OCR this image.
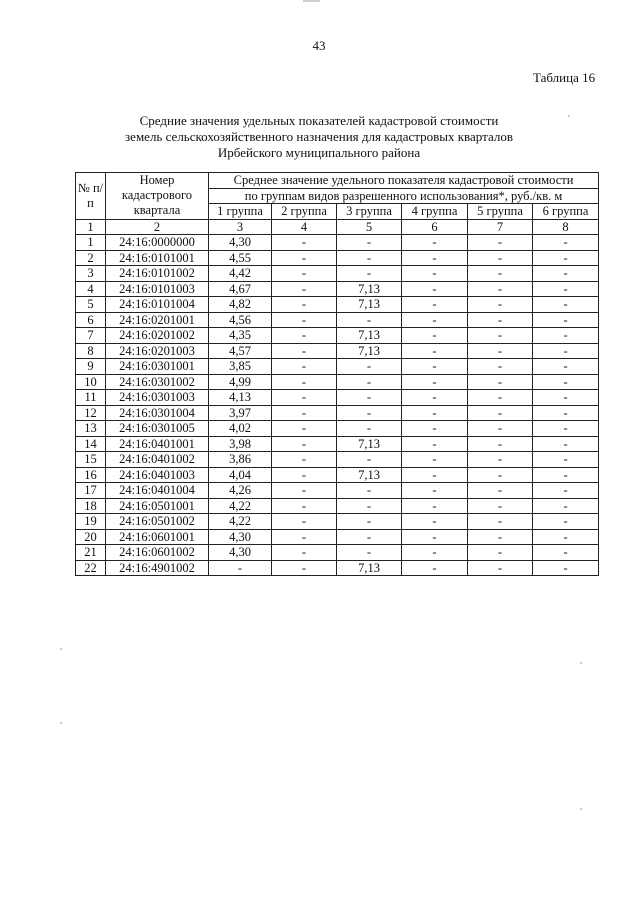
43
Таблица 16
Средние значения удельных показателей кадастровой стоимости
земель сельскохозяйственного назначения для кадастровых кварталов
Ирбейского муниципального района
№ п/п	Номер кадастрового квартала	Среднее значение удельного показателя кадастровой стоимости					
		по группам видов разрешенного использования*, руб./кв. м					
		1 группа	2 группа	3 группа	4 группа	5 группа	6 группа
1	2	3	4	5	6	7	8
1	24:16:0000000	4,30	-	-	-	-	-
2	24:16:0101001	4,55	-	-	-	-	-
3	24:16:0101002	4,42	-	-	-	-	-
4	24:16:0101003	4,67	-	7,13	-	-	-
5	24:16:0101004	4,82	-	7,13	-	-	-
6	24:16:0201001	4,56	-	-	-	-	-
7	24:16:0201002	4,35	-	7,13	-	-	-
8	24:16:0201003	4,57	-	7,13	-	-	-
9	24:16:0301001	3,85	-	-	-	-	-
10	24:16:0301002	4,99	-	-	-	-	-
11	24:16:0301003	4,13	-	-	-	-	-
12	24:16:0301004	3,97	-	-	-	-	-
13	24:16:0301005	4,02	-	-	-	-	-
14	24:16:0401001	3,98	-	7,13	-	-	-
15	24:16:0401002	3,86	-	-	-	-	-
16	24:16:0401003	4,04	-	7,13	-	-	-
17	24:16:0401004	4,26	-	-	-	-	-
18	24:16:0501001	4,22	-	-	-	-	-
19	24:16:0501002	4,22	-	-	-	-	-
20	24:16:0601001	4,30	-	-	-	-	-
21	24:16:0601002	4,30	-	-	-	-	-
22	24:16:4901002	-	-	7,13	-	-	-
